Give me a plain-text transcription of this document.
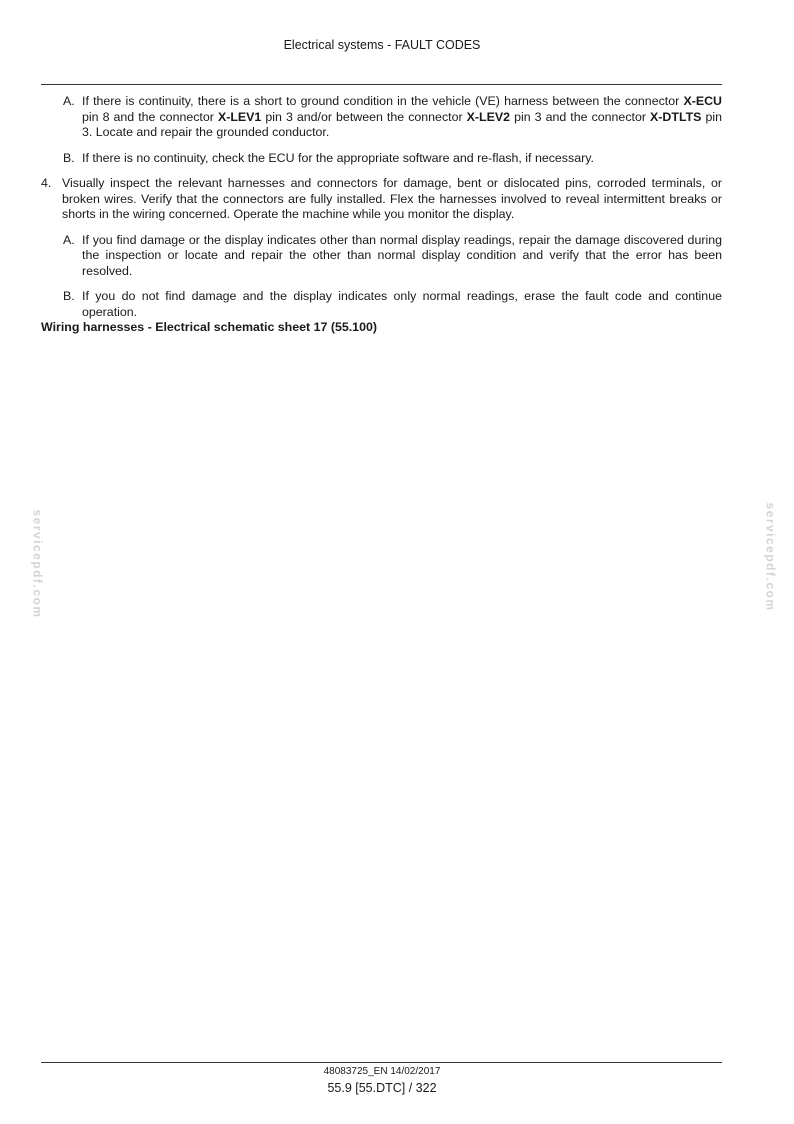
Electrical systems - FAULT CODES
A. If there is continuity, there is a short to ground condition in the vehicle (VE) harness between the connector X-ECU pin 8 and the connector X-LEV1 pin 3 and/or between the connector X-LEV2 pin 3 and the connector X-DTLTS pin 3. Locate and repair the grounded conductor.
B. If there is no continuity, check the ECU for the appropriate software and re-flash, if necessary.
4. Visually inspect the relevant harnesses and connectors for damage, bent or dislocated pins, corroded terminals, or broken wires. Verify that the connectors are fully installed. Flex the harnesses involved to reveal intermittent breaks or shorts in the wiring concerned. Operate the machine while you monitor the display.
A. If you find damage or the display indicates other than normal display readings, repair the damage discovered during the inspection or locate and repair the other than normal display condition and verify that the error has been resolved.
B. If you do not find damage and the display indicates only normal readings, erase the fault code and continue operation.
Wiring harnesses - Electrical schematic sheet 17 (55.100)
servicepdf.com	servicepdf.com
48083725_EN 14/02/2017
55.9 [55.DTC] / 322
